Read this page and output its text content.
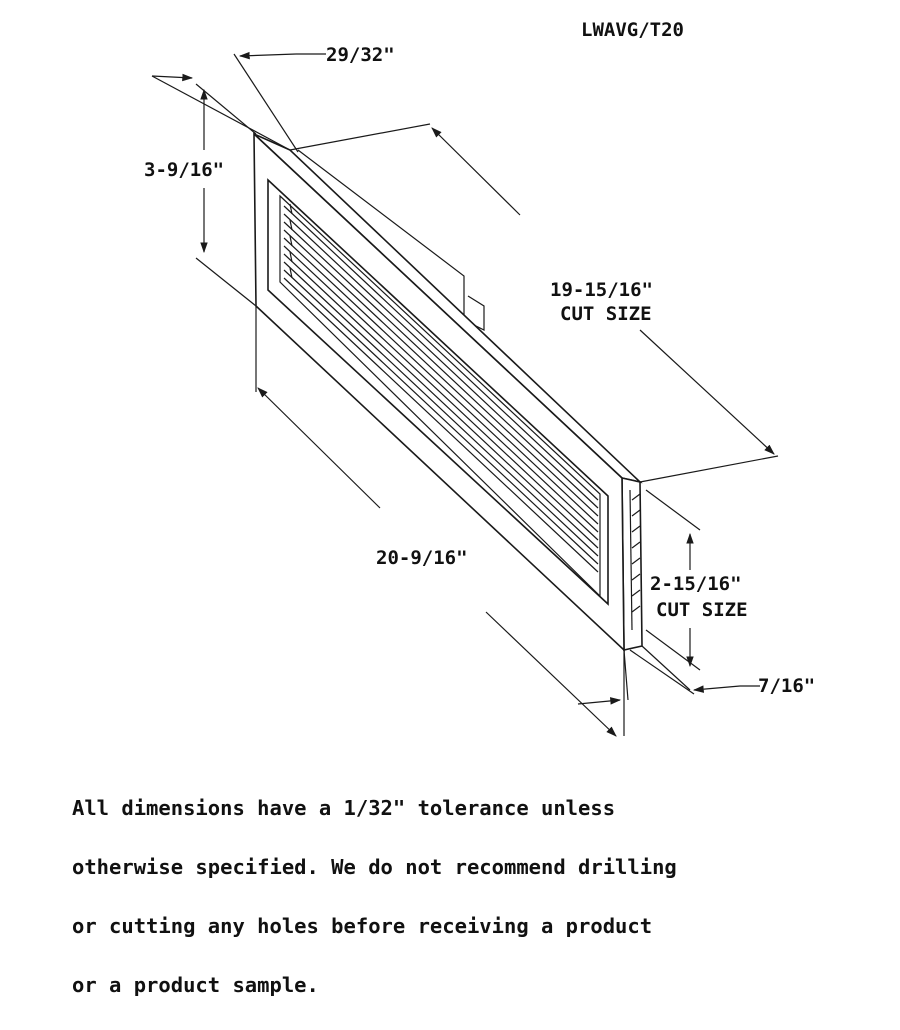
LWAVG/T20
29/32"
3-9/16"
19-15/16"
CUT SIZE
20-9/16"
2-15/16"
CUT SIZE
7/16"

All dimensions have a 1/32" tolerance unless

otherwise specified. We do not recommend drilling

or cutting any holes before receiving a product

or a product sample.
